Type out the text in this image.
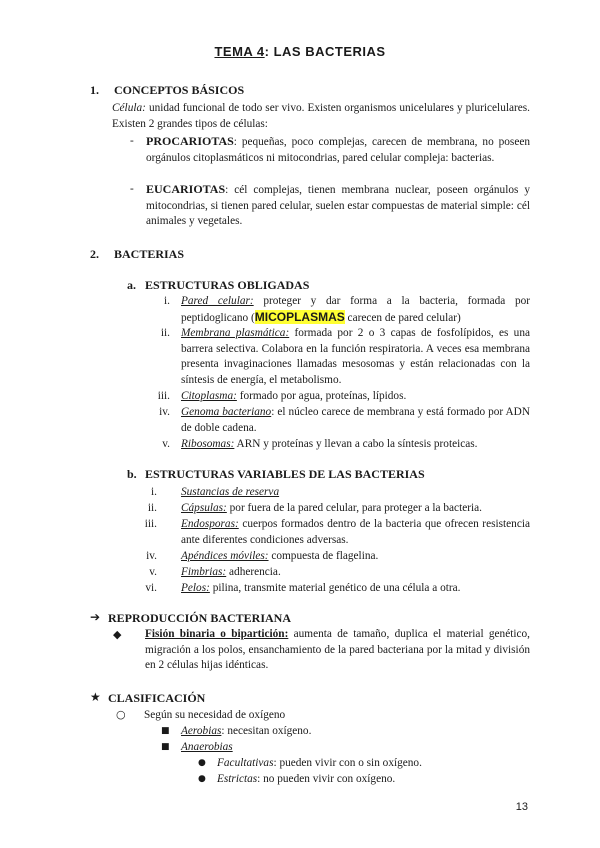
TEMA 4: LAS BACTERIAS
1. CONCEPTOS BÁSICOS
Célula: unidad funcional de todo ser vivo. Existen organismos unicelulares y pluricelulares. Existen 2 grandes tipos de células:
- PROCARIOTAS: pequeñas, poco complejas, carecen de membrana, no poseen orgánulos citoplasmáticos ni mitocondrias, pared celular compleja: bacterias.
- EUCARIOTAS: cél complejas, tienen membrana nuclear, poseen orgánulos y mitocondrias, si tienen pared celular, suelen estar compuestas de material simple: cél animales y vegetales.
2. BACTERIAS
a. ESTRUCTURAS OBLIGADAS
i. Pared celular: proteger y dar forma a la bacteria, formada por peptidoglicano (MICOPLASMAS carecen de pared celular)
ii. Membrana plasmática: formada por 2 o 3 capas de fosfolípidos, es una barrera selectiva. Colabora en la función respiratoria. A veces esa membrana presenta invaginaciones llamadas mesosomas y están relacionadas con la síntesis de energía, el metabolismo.
iii. Citoplasma: formado por agua, proteínas, lípidos.
iv. Genoma bacteriano: el núcleo carece de membrana y está formado por ADN de doble cadena.
v. Ribosomas: ARN y proteínas y llevan a cabo la síntesis proteicas.
b. ESTRUCTURAS VARIABLES DE LAS BACTERIAS
i. Sustancias de reserva
ii. Cápsulas: por fuera de la pared celular, para proteger a la bacteria.
iii. Endosporas: cuerpos formados dentro de la bacteria que ofrecen resistencia ante diferentes condiciones adversas.
iv. Apéndices móviles: compuesta de flagelina.
v. Fimbrias: adherencia.
vi. Pelos: pilina, transmite material genético de una célula a otra.
➔ REPRODUCCIÓN BACTERIANA
◆ Fisión binaria o bipartición: aumenta de tamaño, duplica el material genético, migración a los polos, ensanchamiento de la pared bacteriana por la mitad y división en 2 células hijas idénticas.
★ CLASIFICACIÓN
○ Según su necesidad de oxígeno
■ Aerobias: necesitan oxígeno.
■ Anaerobias
● Facultativas: pueden vivir con o sin oxígeno.
● Estrictas: no pueden vivir con oxígeno.
13
